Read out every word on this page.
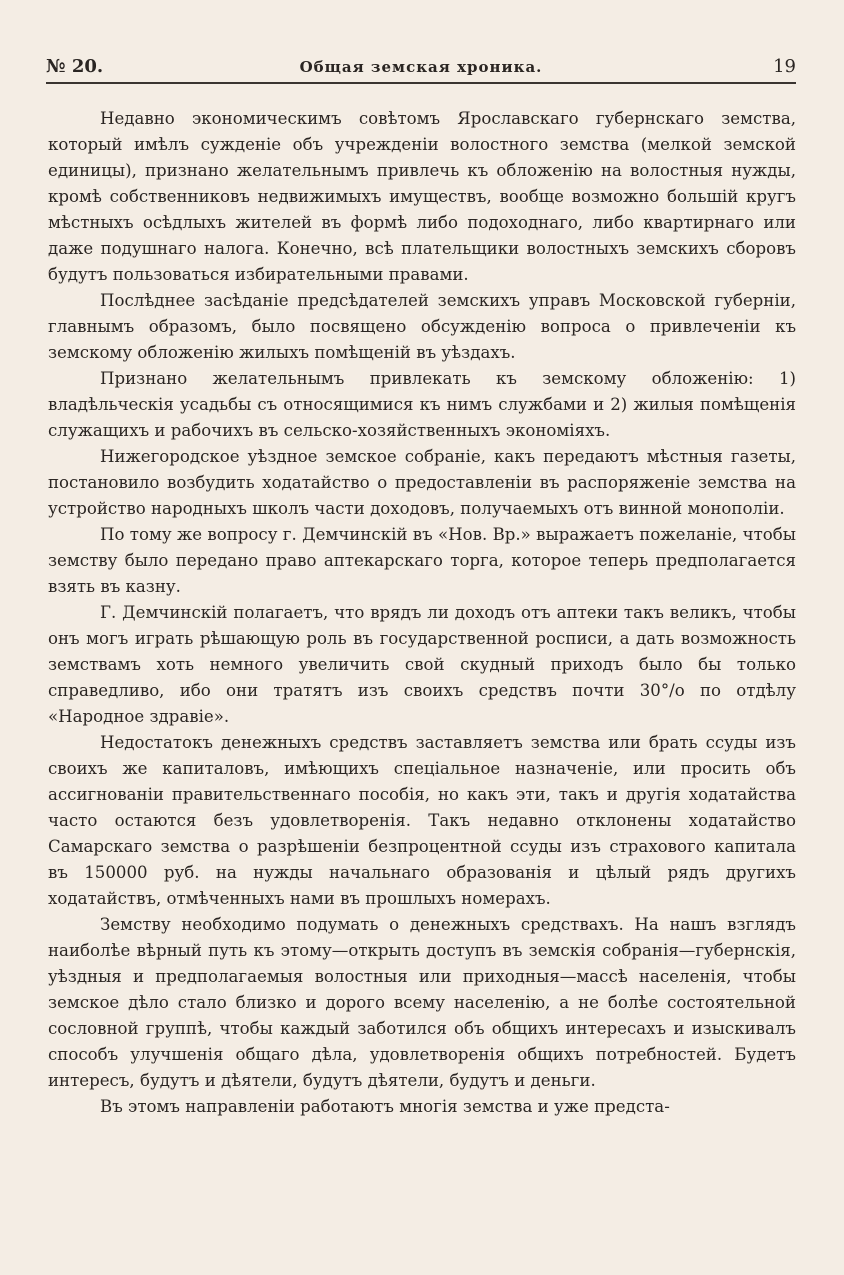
№ 20.	Общая земская хроника.	19

Недавно экономическимъ совѣтомъ Ярославскаго губернскаго земства, который имѣлъ сужденіе объ учрежденіи волостного земства (мелкой земской единицы), признано желательнымъ привлечь къ обложенію на волостныя нужды, кромѣ собственниковъ недвижимыхъ имуществъ, вообще возможно большій кругъ мѣстныхъ осѣдлыхъ жителей въ формѣ либо подоходнаго, либо квартирнаго или даже подушнаго налога. Конечно, всѣ плательщики волостныхъ земскихъ сборовъ будутъ пользоваться избирательными правами.

Послѣднее засѣданіе предсѣдателей земскихъ управъ Московской губерніи, главнымъ образомъ, было посвящено обсужденію вопроса о привлеченіи къ земскому обложенію жилыхъ помѣщеній въ уѣздахъ.

Признано желательнымъ привлекать къ земскому обложенію: 1) владѣльческія усадьбы съ относящимися къ нимъ службами и 2) жилыя помѣщенія служащихъ и рабочихъ въ сельско-хозяйственныхъ экономіяхъ.

Нижегородское уѣздное земское собраніе, какъ передаютъ мѣстныя газеты, постановило возбудить ходатайство о предоставленіи въ распоряженіе земства на устройство народныхъ школъ части доходовъ, получаемыхъ отъ винной монополіи.

По тому же вопросу г. Демчинскій въ «Нов. Вр.» выражаетъ пожеланіе, чтобы земству было передано право аптекарскаго торга, которое теперь предполагается взять въ казну.

Г. Демчинскій полагаетъ, что врядъ ли доходъ отъ аптеки такъ великъ, чтобы онъ могъ играть рѣшающую роль въ государственной росписи, а дать возможность земствамъ хоть немного увеличить свой скудный приходъ было бы только справедливо, ибо они тратятъ изъ своихъ средствъ почти 30°/o по отдѣлу «Народное здравіе».

Недостатокъ денежныхъ средствъ заставляетъ земства или брать ссуды изъ своихъ же капиталовъ, имѣющихъ спеціальное назначеніе, или просить объ ассигнованіи правительственнаго пособія, но какъ эти, такъ и другія ходатайства часто остаются безъ удовлетворенія. Такъ недавно отклонены ходатайство Самарскаго земства о разрѣшеніи безпроцентной ссуды изъ страхового капитала въ 150000 руб. на нужды начальнаго образованія и цѣлый рядъ другихъ ходатайствъ, отмѣченныхъ нами въ прошлыхъ номерахъ.

Земству необходимо подумать о денежныхъ средствахъ. На нашъ взглядъ наиболѣе вѣрный путь къ этому—открыть доступъ въ земскія собранія—губернскія, уѣздныя и предполагаемыя волостныя или приходныя—массѣ населенія, чтобы земское дѣло стало близко и дорого всему населенію, а не болѣе состоятельной сословной группѣ, чтобы каждый заботился объ общихъ интересахъ и изыскивалъ способъ улучшенія общаго дѣла, удовлетворенія общихъ потребностей. Будетъ интересъ, будутъ и дѣятели, будутъ дѣятели, будутъ и деньги.

Въ этомъ направленіи работаютъ многія земства и уже предста-
